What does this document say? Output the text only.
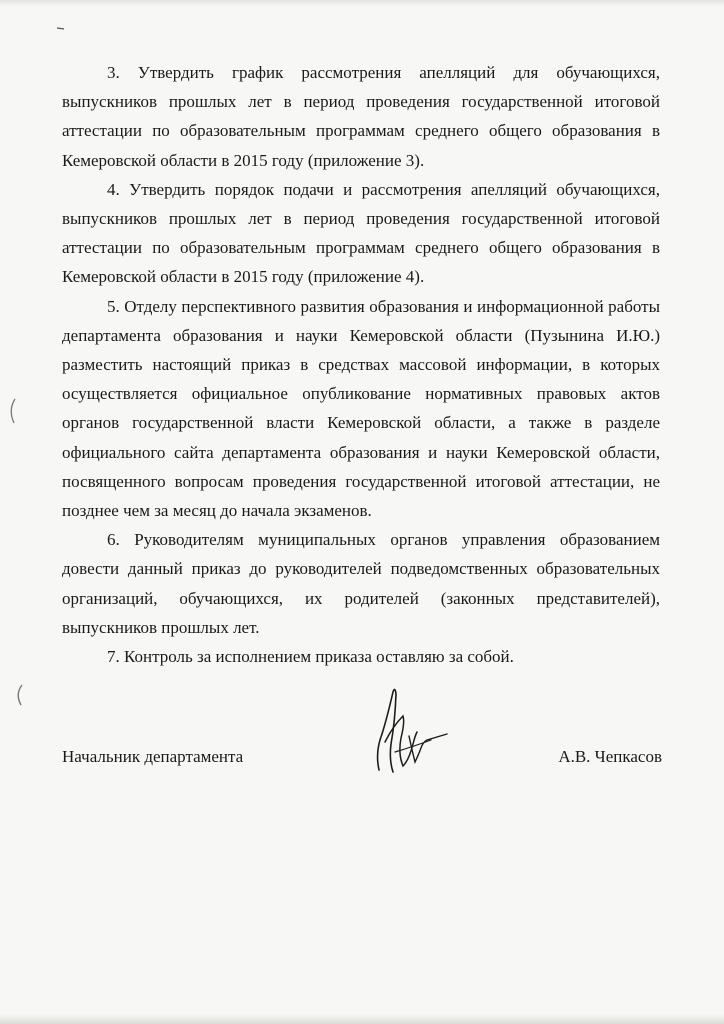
3. Утвердить график рассмотрения апелляций для обучающихся, выпускников прошлых лет в период проведения государственной итоговой аттестации по образовательным программам среднего общего образования в Кемеровской области в 2015 году (приложение 3).

4. Утвердить порядок подачи и рассмотрения апелляций обучающихся, выпускников прошлых лет в период проведения государственной итоговой аттестации по образовательным программам среднего общего образования в Кемеровской области в 2015 году (приложение 4).

5. Отделу перспективного развития образования и информационной работы департамента образования и науки Кемеровской области (Пузынина И.Ю.) разместить настоящий приказ в средствах массовой информации, в которых осуществляется официальное опубликование нормативных правовых актов органов государственной власти Кемеровской области, а также в разделе официального сайта департамента образования и науки Кемеровской области, посвященного вопросам проведения государственной итоговой аттестации, не позднее чем за месяц до начала экзаменов.

6. Руководителям муниципальных органов управления образованием довести данный приказ до руководителей подведомственных образовательных организаций, обучающихся, их родителей (законных представителей), выпускников прошлых лет.

7. Контроль за исполнением приказа оставляю за собой.

Начальник департамента	А.В. Чепкасов
